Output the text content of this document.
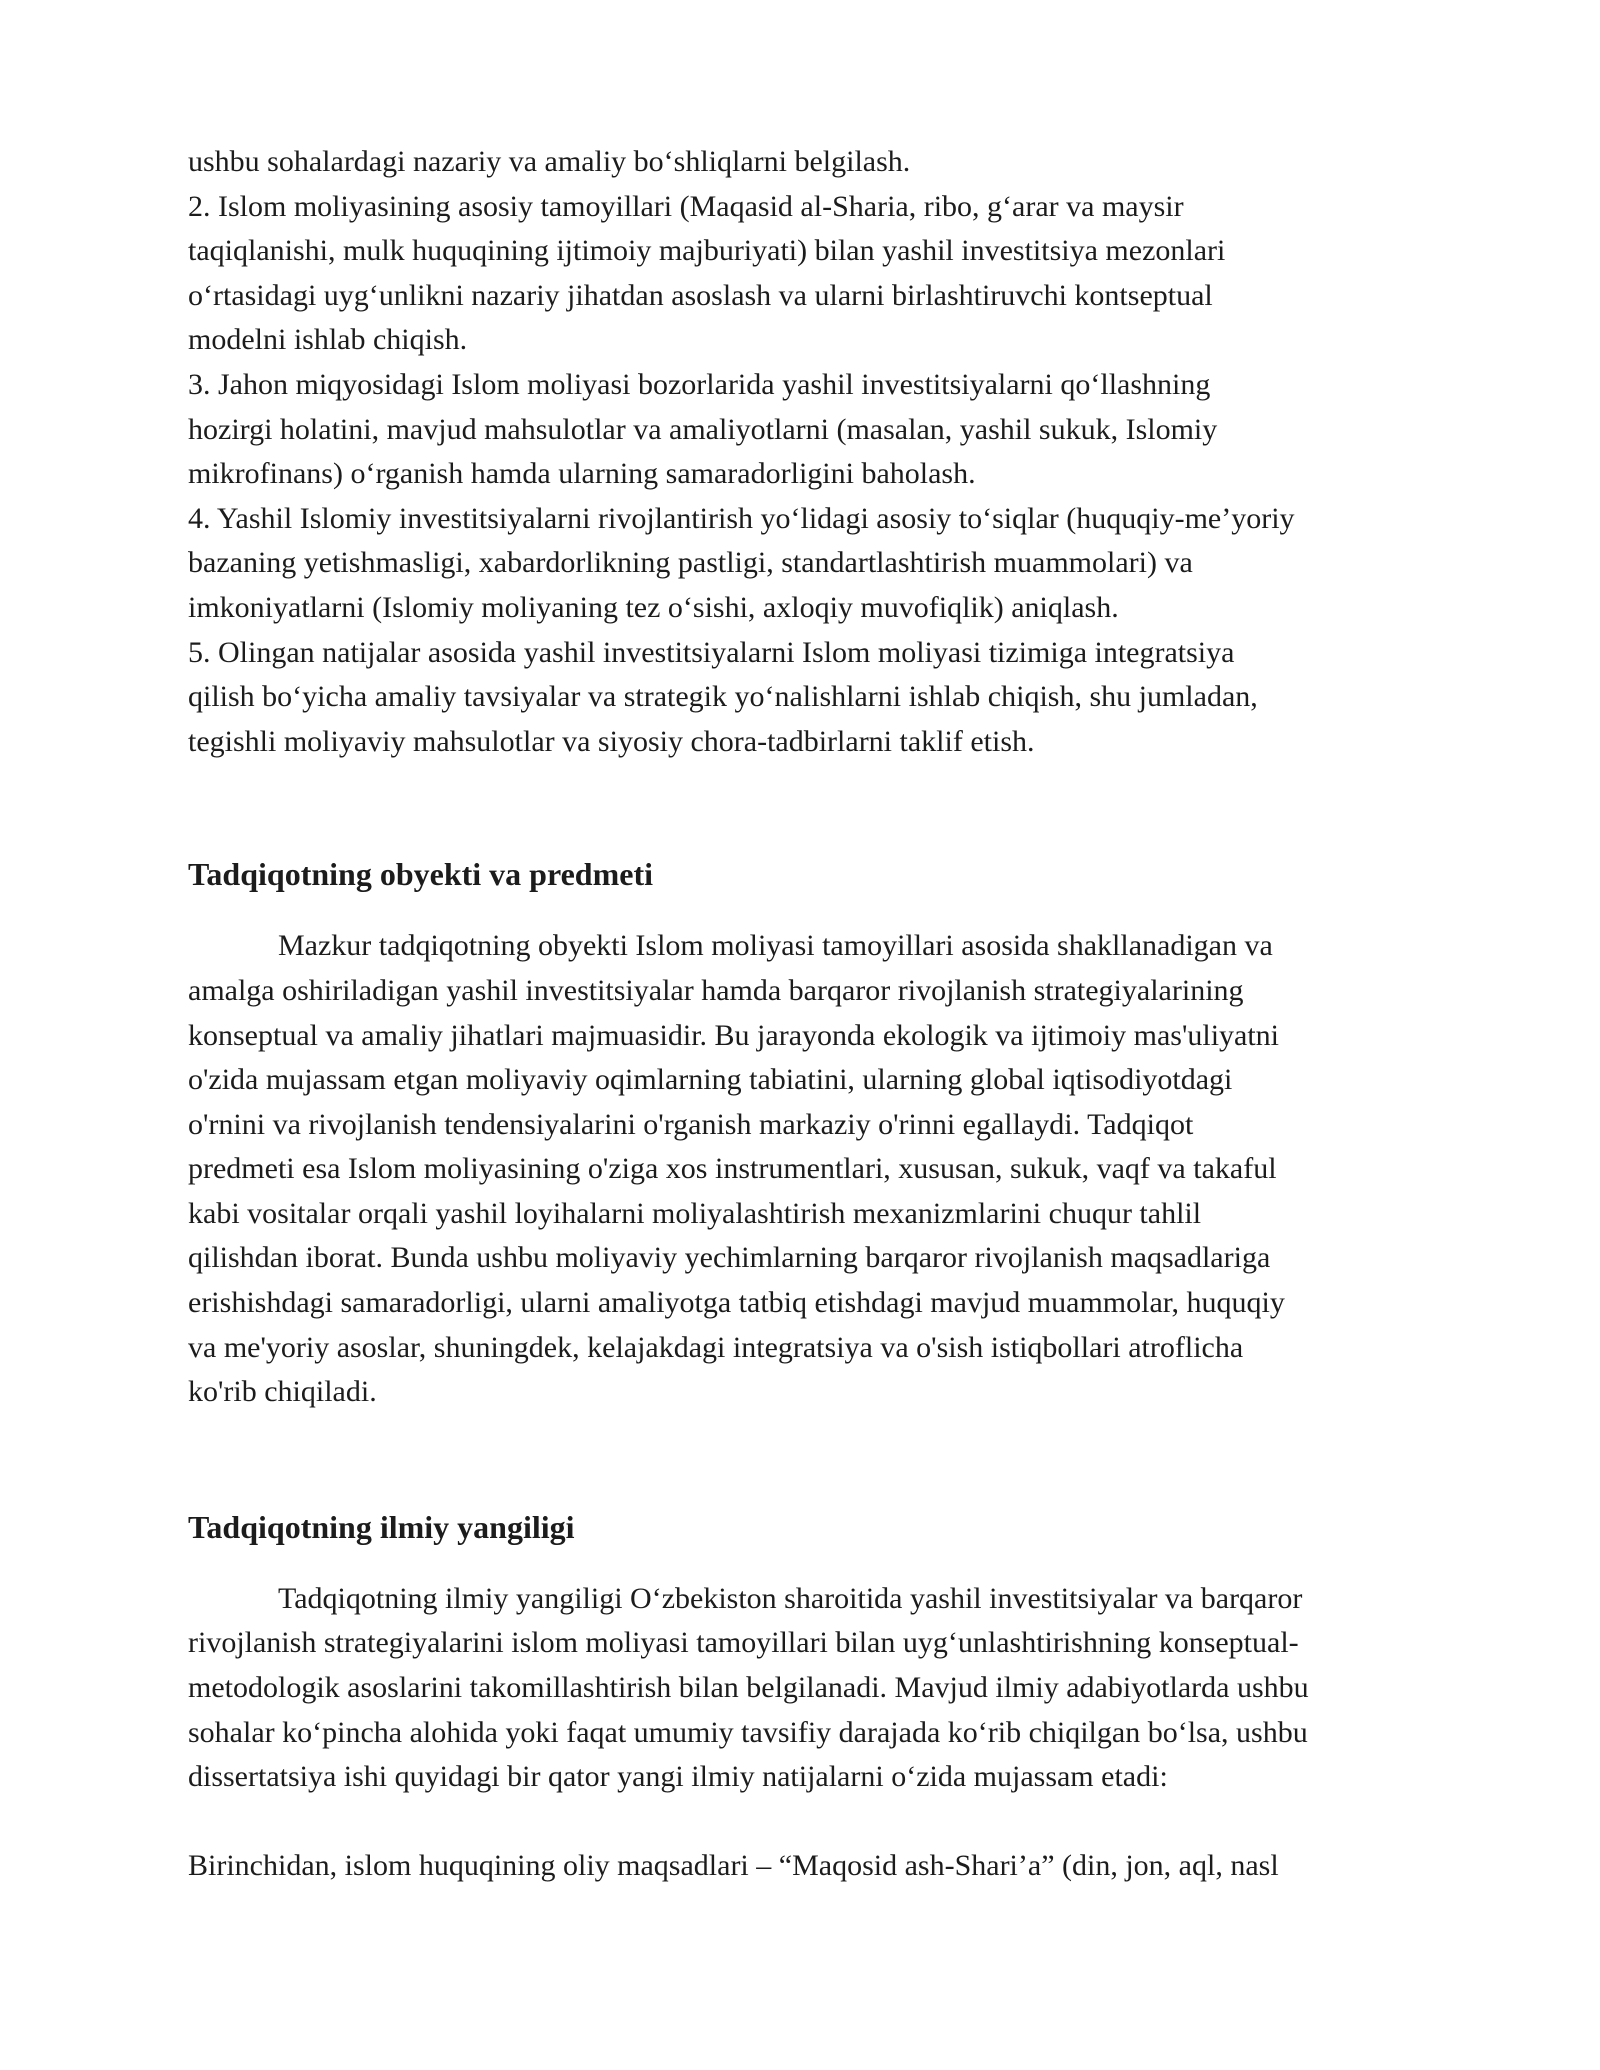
ushbu sohalardagi nazariy va amaliy bo‘shliqlarni belgilash.

2. Islom moliyasining asosiy tamoyillari (Maqasid al-Sharia, ribo, g‘arar va maysir

taqiqlanishi, mulk huquqining ijtimoiy majburiyati) bilan yashil investitsiya mezonlari

o‘rtasidagi uyg‘unlikni nazariy jihatdan asoslash va ularni birlashtiruvchi kontseptual

modelni ishlab chiqish.

3. Jahon miqyosidagi Islom moliyasi bozorlarida yashil investitsiyalarni qo‘llashning

hozirgi holatini, mavjud mahsulotlar va amaliyotlarni (masalan, yashil sukuk, Islomiy

mikrofinans) o‘rganish hamda ularning samaradorligini baholash.

4. Yashil Islomiy investitsiyalarni rivojlantirish yo‘lidagi asosiy to‘siqlar (huquqiy-me’yoriy

bazaning yetishmasligi, xabardorlikning pastligi, standartlashtirish muammolari) va

imkoniyatlarni (Islomiy moliyaning tez o‘sishi, axloqiy muvofiqlik) aniqlash.

5. Olingan natijalar asosida yashil investitsiyalarni Islom moliyasi tizimiga integratsiya

qilish bo‘yicha amaliy tavsiyalar va strategik yo‘nalishlarni ishlab chiqish, shu jumladan,

tegishli moliyaviy mahsulotlar va siyosiy chora-tadbirlarni taklif etish.

Tadqiqotning obyekti va predmeti

Mazkur tadqiqotning obyekti Islom moliyasi tamoyillari asosida shakllanadigan va

amalga oshiriladigan yashil investitsiyalar hamda barqaror rivojlanish strategiyalarining

konseptual va amaliy jihatlari majmuasidir. Bu jarayonda ekologik va ijtimoiy mas'uliyatni

o'zida mujassam etgan moliyaviy oqimlarning tabiatini, ularning global iqtisodiyotdagi

o'rnini va rivojlanish tendensiyalarini o'rganish markaziy o'rinni egallaydi. Tadqiqot

predmeti esa Islom moliyasining o'ziga xos instrumentlari, xususan, sukuk, vaqf va takaful

kabi vositalar orqali yashil loyihalarni moliyalashtirish mexanizmlarini chuqur tahlil

qilishdan iborat. Bunda ushbu moliyaviy yechimlarning barqaror rivojlanish maqsadlariga

erishishdagi samaradorligi, ularni amaliyotga tatbiq etishdagi mavjud muammolar, huquqiy

va me'yoriy asoslar, shuningdek, kelajakdagi integratsiya va o'sish istiqbollari atroflicha

ko'rib chiqiladi.

Tadqiqotning ilmiy yangiligi

Tadqiqotning ilmiy yangiligi O‘zbekiston sharoitida yashil investitsiyalar va barqaror

rivojlanish strategiyalarini islom moliyasi tamoyillari bilan uyg‘unlashtirishning konseptual-

metodologik asoslarini takomillashtirish bilan belgilanadi. Mavjud ilmiy adabiyotlarda ushbu

sohalar ko‘pincha alohida yoki faqat umumiy tavsifiy darajada ko‘rib chiqilgan bo‘lsa, ushbu

dissertatsiya ishi quyidagi bir qator yangi ilmiy natijalarni o‘zida mujassam etadi:

Birinchidan, islom huquqining oliy maqsadlari – “Maqosid ash-Shari’a” (din, jon, aql, nasl
